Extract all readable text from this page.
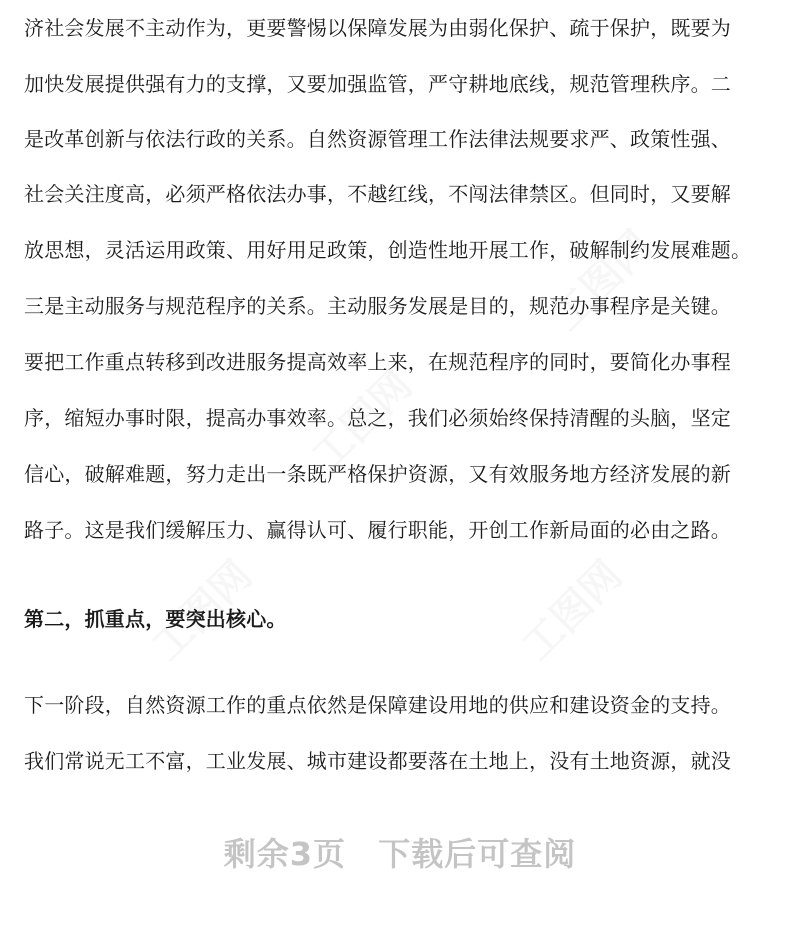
济社会发展不主动作为，更要警惕以保障发展为由弱化保护、疏于保护，既要为
加快发展提供强有力的支撑，又要加强监管，严守耕地底线，规范管理秩序。二
是改革创新与依法行政的关系。自然资源管理工作法律法规要求严、政策性强、
社会关注度高，必须严格依法办事，不越红线，不闯法律禁区。但同时，又要解
放思想，灵活运用政策、用好用足政策，创造性地开展工作，破解制约发展难题。
三是主动服务与规范程序的关系。主动服务发展是目的，规范办事程序是关键。
要把工作重点转移到改进服务提高效率上来，在规范程序的同时，要简化办事程
序，缩短办事时限，提高办事效率。总之，我们必须始终保持清醒的头脑，坚定
信心，破解难题，努力走出一条既严格保护资源，又有效服务地方经济发展的新
路子。这是我们缓解压力、赢得认可、履行职能，开创工作新局面的必由之路。
第二，抓重点，要突出核心。
下一阶段，自然资源工作的重点依然是保障建设用地的供应和建设资金的支持。
我们常说无工不富，工业发展、城市建设都要落在土地上，没有土地资源，就没
剩余3页 下载后可查阅
